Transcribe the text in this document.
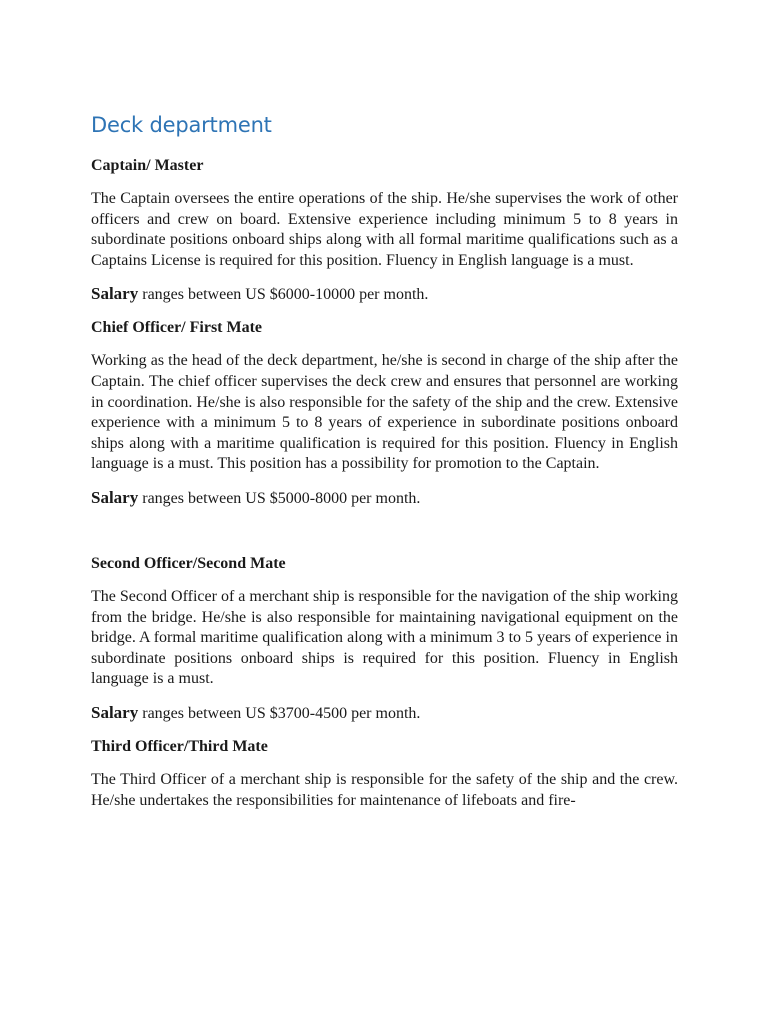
Deck department

Captain/ Master

The Captain oversees the entire operations of the ship. He/she supervises the work of other officers and crew on board. Extensive experience including minimum 5 to 8 years in subordinate positions onboard ships along with all formal maritime qualifications such as a Captains License is required for this position. Fluency in English language is a must.

Salary ranges between US $6000-10000 per month.

Chief Officer/ First Mate

Working as the head of the deck department, he/she is second in charge of the ship after the Captain. The chief officer supervises the deck crew and ensures that personnel are working in coordination. He/she is also responsible for the safety of the ship and the crew. Extensive experience with a minimum 5 to 8 years of experience in subordinate positions onboard ships along with a maritime qualification is required for this position. Fluency in English language is a must. This position has a possibility for promotion to the Captain.

Salary ranges between US $5000-8000 per month.

Second Officer/Second Mate

The Second Officer of a merchant ship is responsible for the navigation of the ship working from the bridge. He/she is also responsible for maintaining navigational equipment on the bridge. A formal maritime qualification along with a minimum 3 to 5 years of experience in subordinate positions onboard ships is required for this position. Fluency in English language is a must.

Salary ranges between US $3700-4500 per month.

Third Officer/Third Mate

The Third Officer of a merchant ship is responsible for the safety of the ship and the crew. He/she undertakes the responsibilities for maintenance of lifeboats and fire-
